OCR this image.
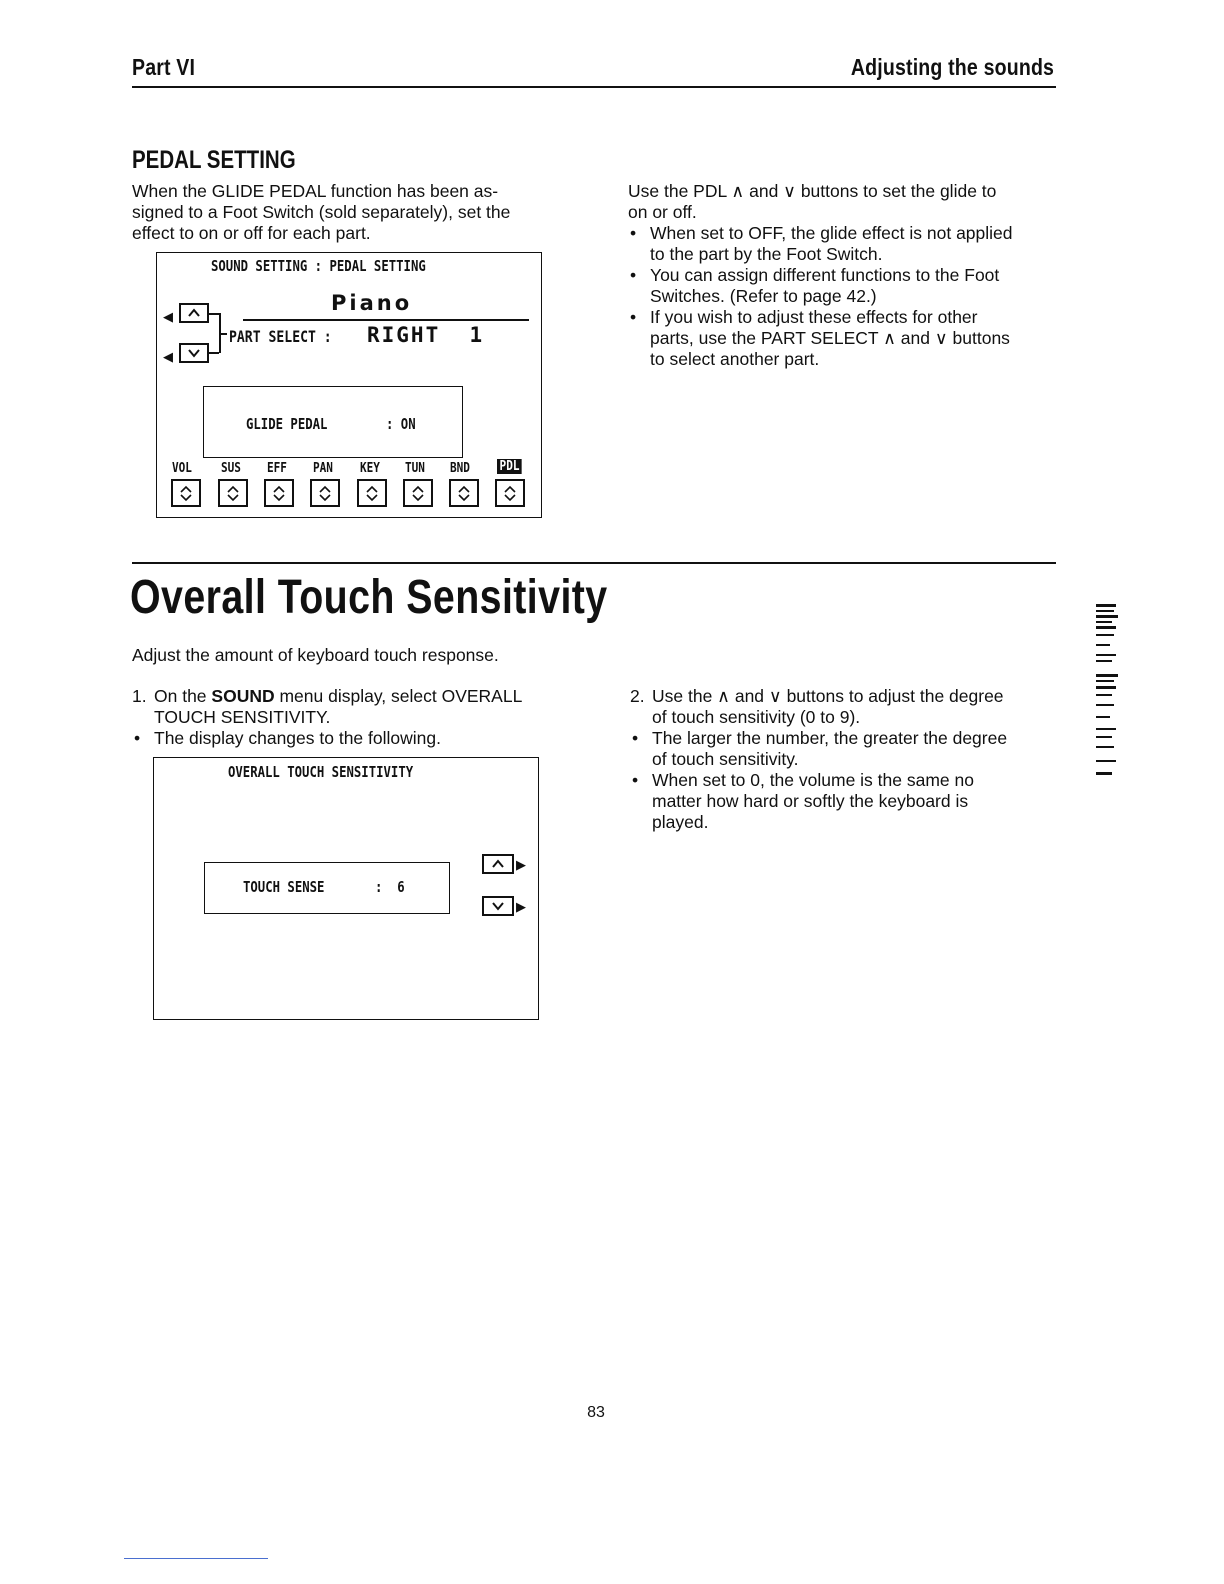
Part VI	Adjusting the sounds
PEDAL SETTING

When the GLIDE PEDAL function has been as-

signed to a Foot Switch (sold separately), set the

effect to on or off for each part.

SOUND SETTING : PEDAL SETTING
◀
◀
Piano
PART SELECT : RIGHT  1
GLIDE PEDAL	: ON
VOL SUS EFF PAN KEY TUN BND PDL

Use the PDL ∧ and ∨ buttons to set the glide to

on or off.

• When set to OFF, the glide effect is not applied

to the part by the Foot Switch.

• You can assign different functions to the Foot

Switches. (Refer to page 42.)

• If you wish to adjust these effects for other

parts, use the PART SELECT ∧ and ∨ buttons

to select another part.

Overall Touch Sensitivity
Adjust the amount of keyboard touch response.
1. On the SOUND menu display, select OVERALL

TOUCH SENSITIVITY.

• The display changes to the following.

OVERALL TOUCH SENSITIVITY
TOUCH SENSE	:  6
▶
▶
2. Use the ∧ and ∨ buttons to adjust the degree

of touch sensitivity (0 to 9).

• The larger the number, the greater the degree

of touch sensitivity.

• When set to 0, the volume is the same no

matter how hard or softly the keyboard is

played.

83
